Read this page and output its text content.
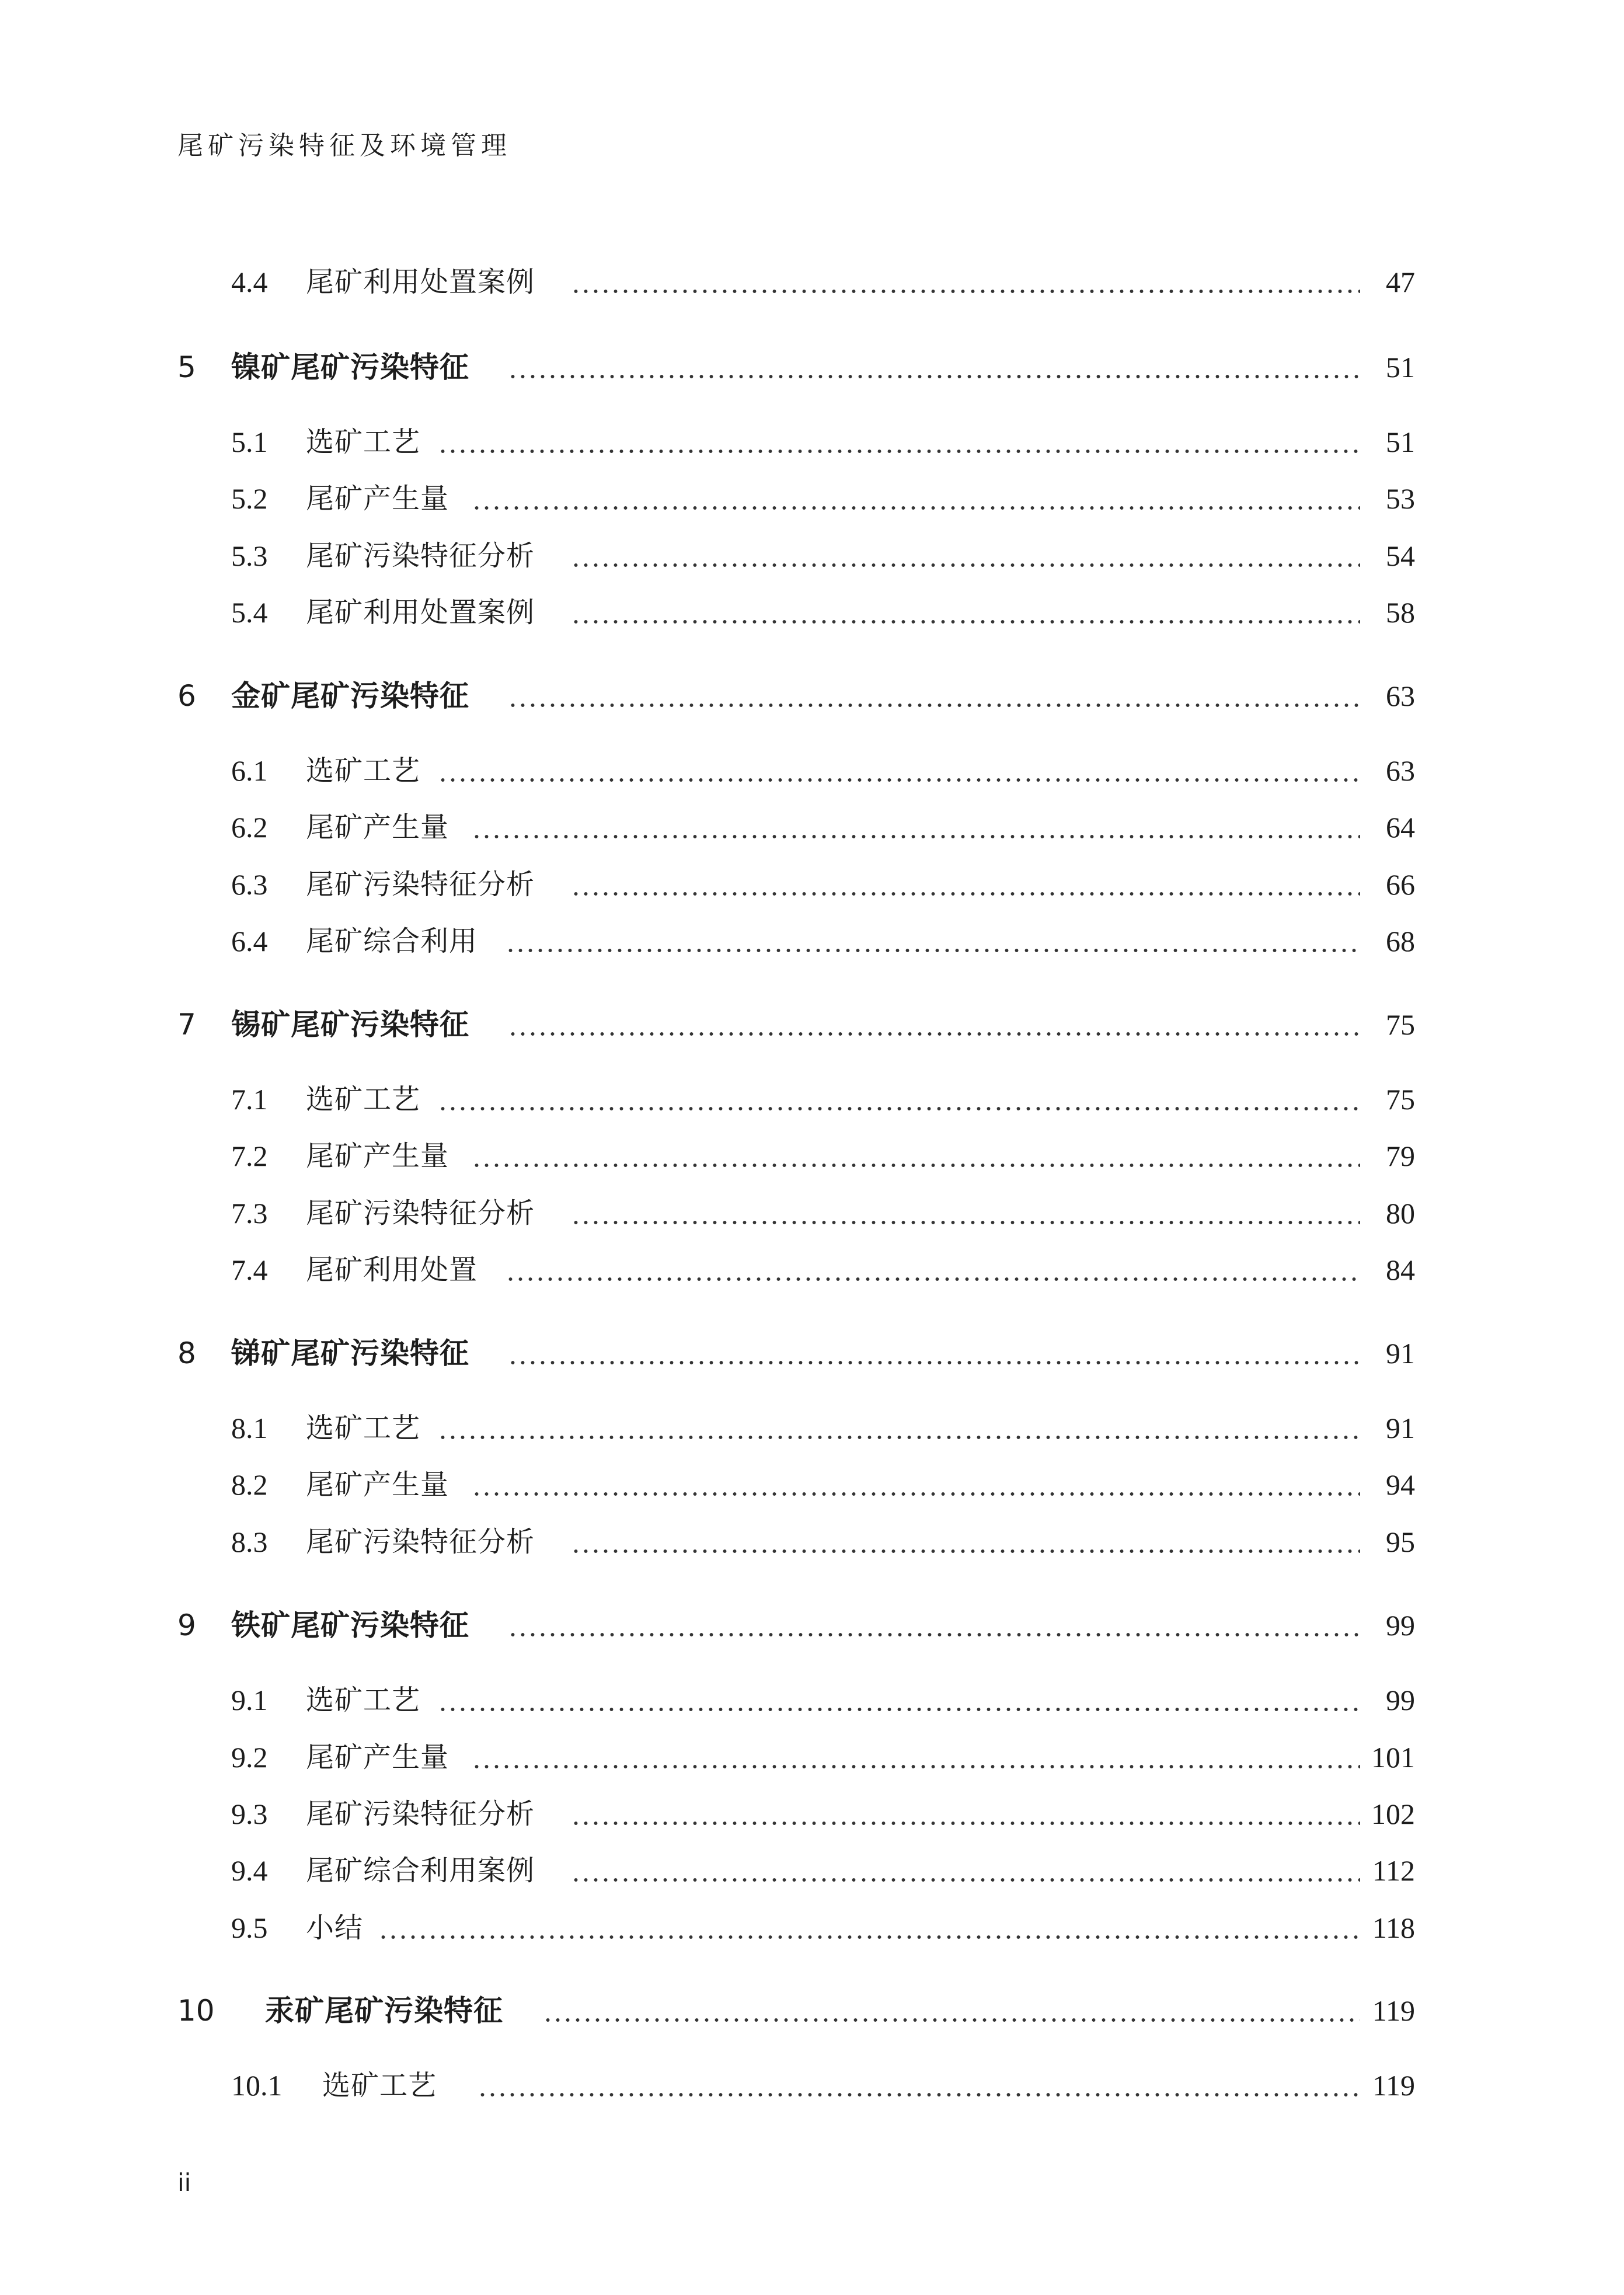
尾矿污染特征及环境管理
4.4 尾矿利用处置案例	47
5 镍矿尾矿污染特征	51
5.1 选矿工艺	51
5.2 尾矿产生量	53
5.3 尾矿污染特征分析	54
5.4 尾矿利用处置案例	58
6 金矿尾矿污染特征	63
6.1 选矿工艺	63
6.2 尾矿产生量	64
6.3 尾矿污染特征分析	66
6.4 尾矿综合利用	68
7 锡矿尾矿污染特征	75
7.1 选矿工艺	75
7.2 尾矿产生量	79
7.3 尾矿污染特征分析	80
7.4 尾矿利用处置	84
8 锑矿尾矿污染特征	91
8.1 选矿工艺	91
8.2 尾矿产生量	94
8.3 尾矿污染特征分析	95
9 铁矿尾矿污染特征	99
9.1 选矿工艺	99
9.2 尾矿产生量	101
9.3 尾矿污染特征分析	102
9.4 尾矿综合利用案例	112
9.5 小结	118
10 汞矿尾矿污染特征	119
10.1 选矿工艺	119
ii
